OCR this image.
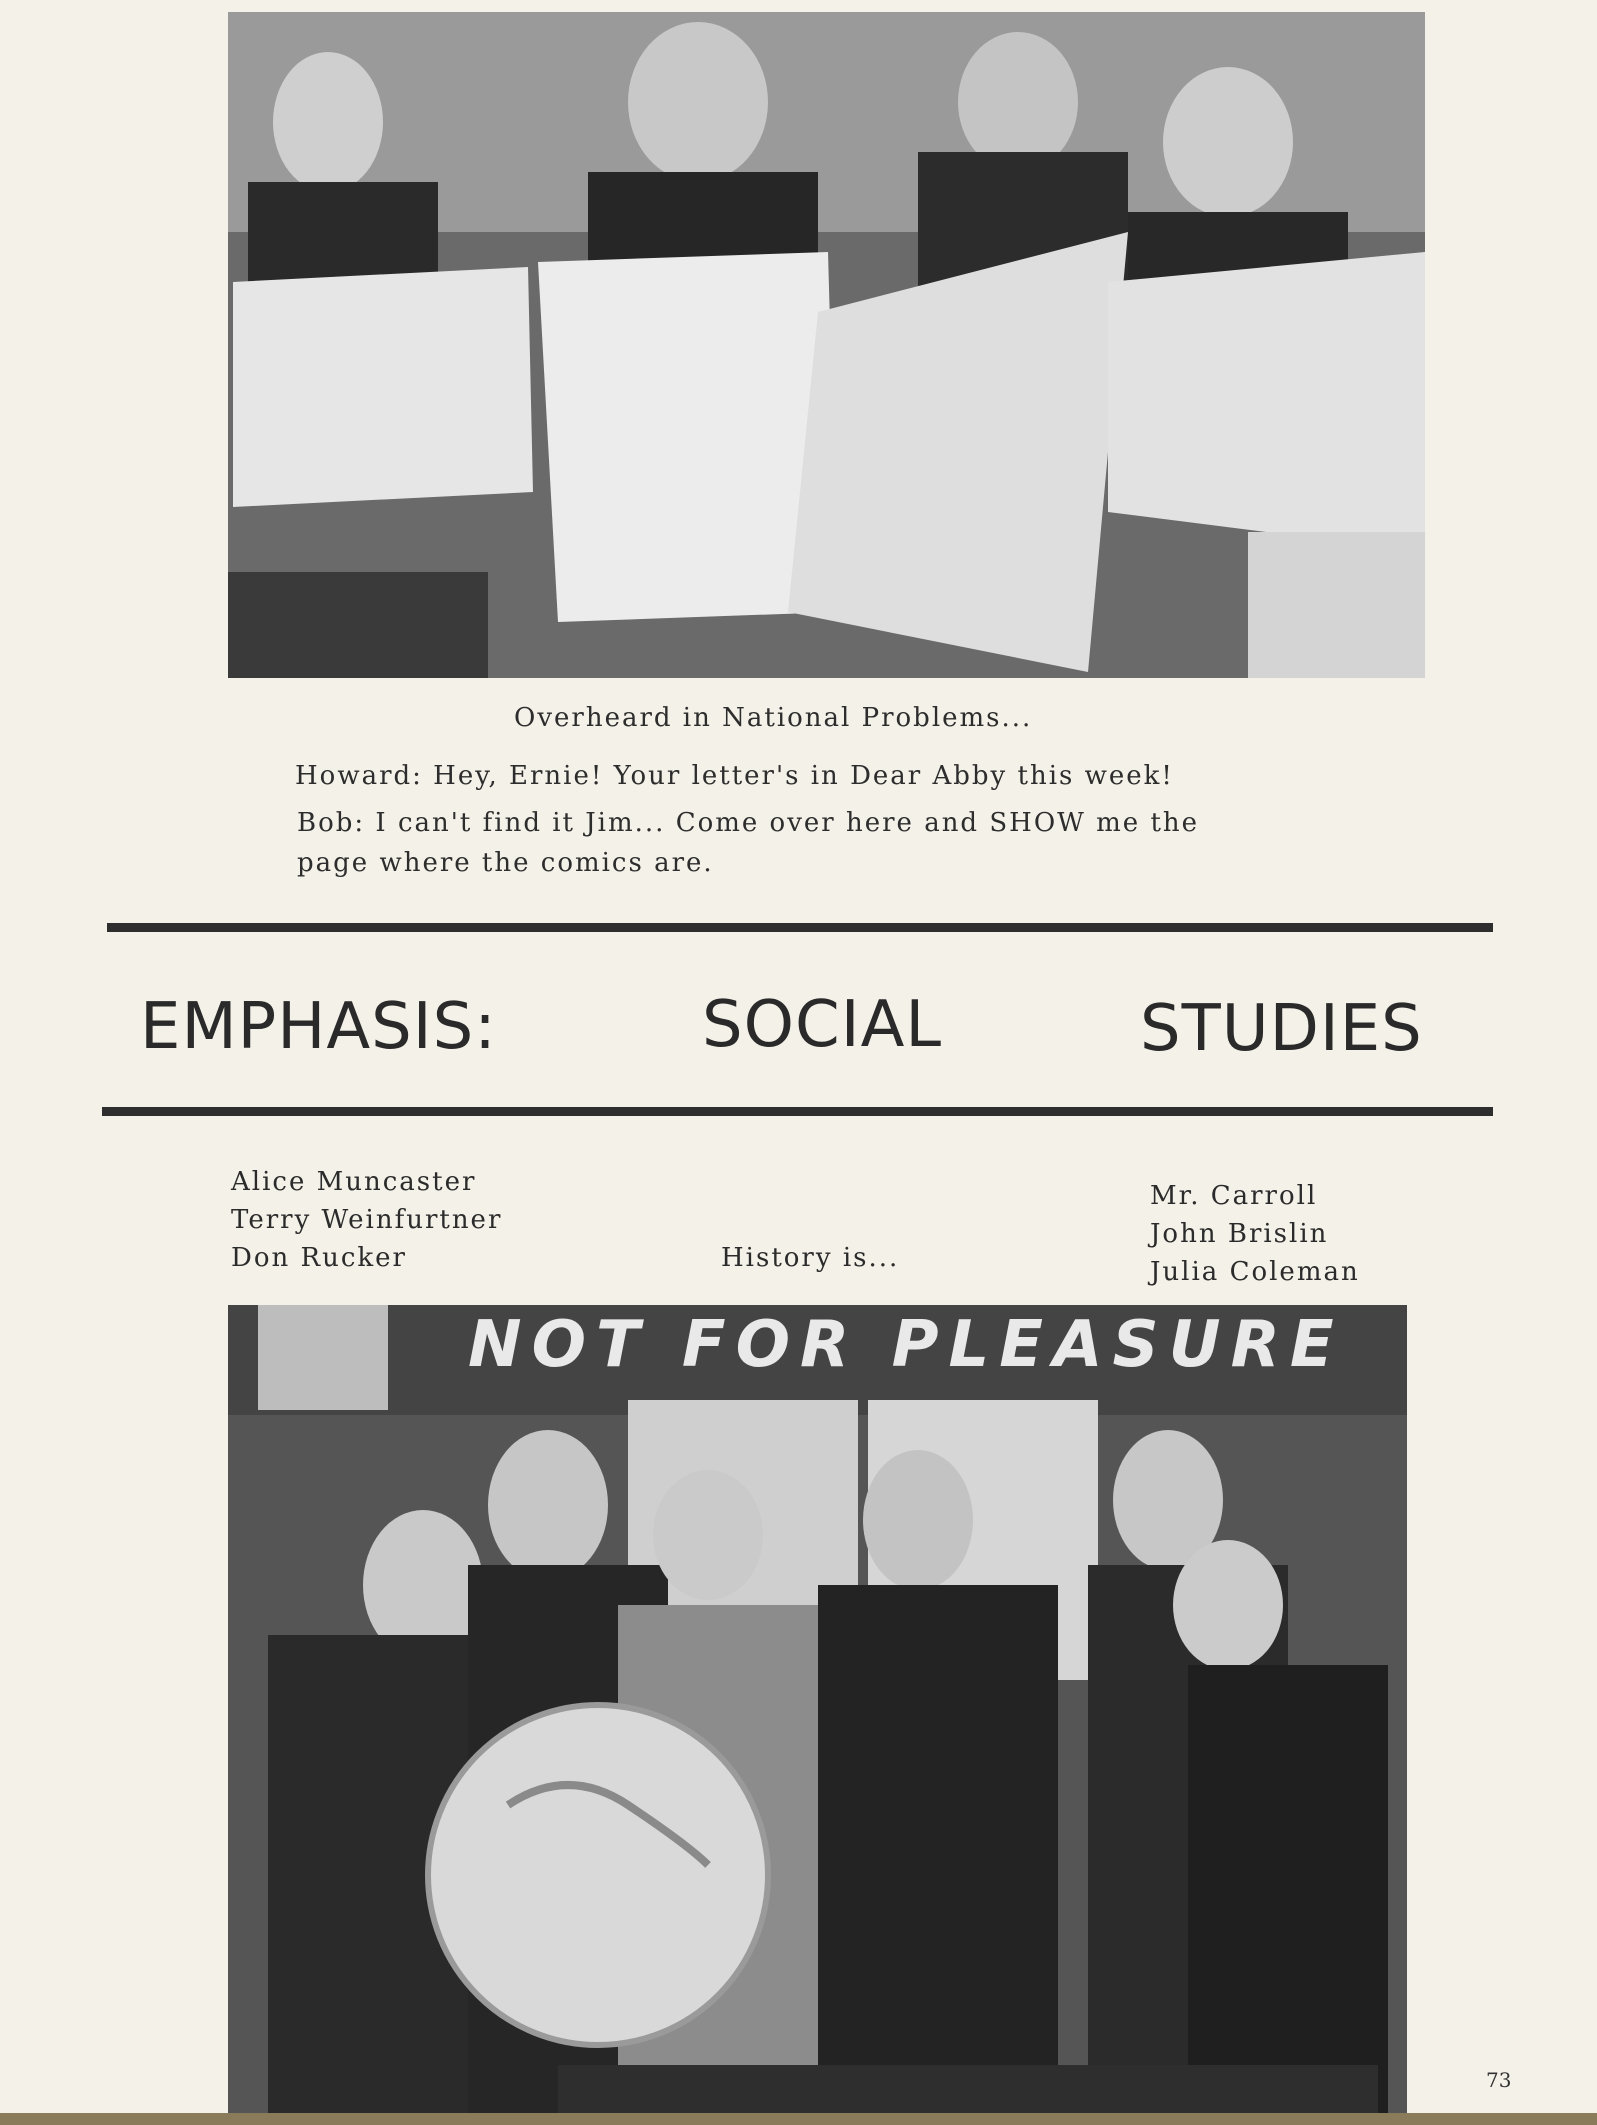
Overheard in National Problems...
Howard: Hey, Ernie! Your letter's in Dear Abby this week!
Bob: I can't find it Jim... Come over here and SHOW me the
page where the comics are.
EMPHASIS:	SOCIAL	STUDIES
Alice Muncaster
Terry Weinfurtner
Don Rucker	History is...
Mr. Carroll
John Brislin
Julia Coleman
NOT FOR PLEASURE
73
